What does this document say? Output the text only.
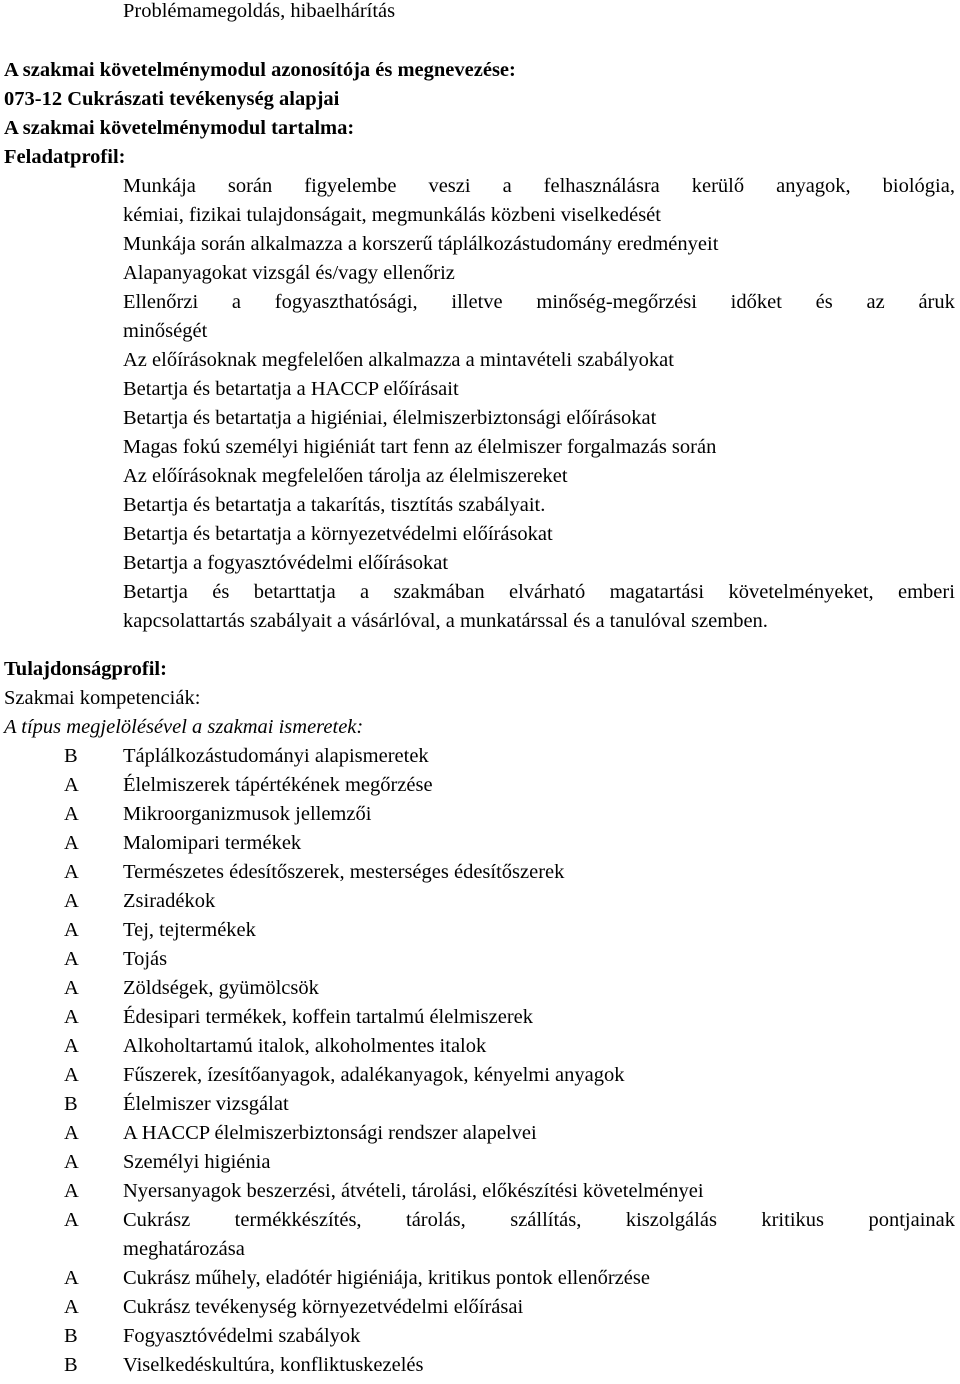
Problémamegoldás, hibaelhárítás
A szakmai követelménymodul azonosítója és megnevezése:
073-12 Cukrászati tevékenység alapjai
A szakmai követelménymodul tartalma:
Feladatprofil:
Munkája során figyelembe veszi a felhasználásra kerülő anyagok, biológia,
kémiai, fizikai tulajdonságait, megmunkálás közbeni viselkedését
Munkája során alkalmazza a korszerű táplálkozástudomány eredményeit
Alapanyagokat vizsgál és/vagy ellenőriz
Ellenőrzi a fogyaszthatósági, illetve minőség-megőrzési időket és az áruk
minőségét
Az előírásoknak megfelelően alkalmazza a mintavételi szabályokat
Betartja és betartatja a HACCP előírásait
Betartja és betartatja a higiéniai, élelmiszerbiztonsági előírásokat
Magas fokú személyi higiéniát tart fenn az élelmiszer forgalmazás során
Az előírásoknak megfelelően tárolja az élelmiszereket
Betartja és betartatja a takarítás, tisztítás szabályait.
Betartja és betartatja a környezetvédelmi előírásokat
Betartja a fogyasztóvédelmi előírásokat
Betartja és betarttatja a szakmában elvárható magatartási követelményeket, emberi
kapcsolattartás szabályait a vásárlóval, a munkatárssal és a tanulóval szemben.
Tulajdonságprofil:
Szakmai kompetenciák:
A típus megjelölésével a szakmai ismeretek:
B Táplálkozástudományi alapismeretek
A Élelmiszerek tápértékének megőrzése
A Mikroorganizmusok jellemzői
A Malomipari termékek
A Természetes édesítőszerek, mesterséges édesítőszerek
A Zsiradékok
A Tej, tejtermékek
A Tojás
A Zöldségek, gyümölcsök
A Édesipari termékek, koffein tartalmú élelmiszerek
A Alkoholtartamú italok, alkoholmentes italok
A Fűszerek, ízesítőanyagok, adalékanyagok, kényelmi anyagok
B Élelmiszer vizsgálat
A A HACCP élelmiszerbiztonsági rendszer alapelvei
A Személyi higiénia
A Nyersanyagok beszerzési, átvételi, tárolási, előkészítési követelményei
A Cukrász termékkészítés, tárolás, szállítás, kiszolgálás kritikus pontjainak
meghatározása
A Cukrász műhely, eladótér higiéniája, kritikus pontok ellenőrzése
A Cukrász tevékenység környezetvédelmi előírásai
B Fogyasztóvédelmi szabályok
B Viselkedéskultúra, konfliktuskezelés
